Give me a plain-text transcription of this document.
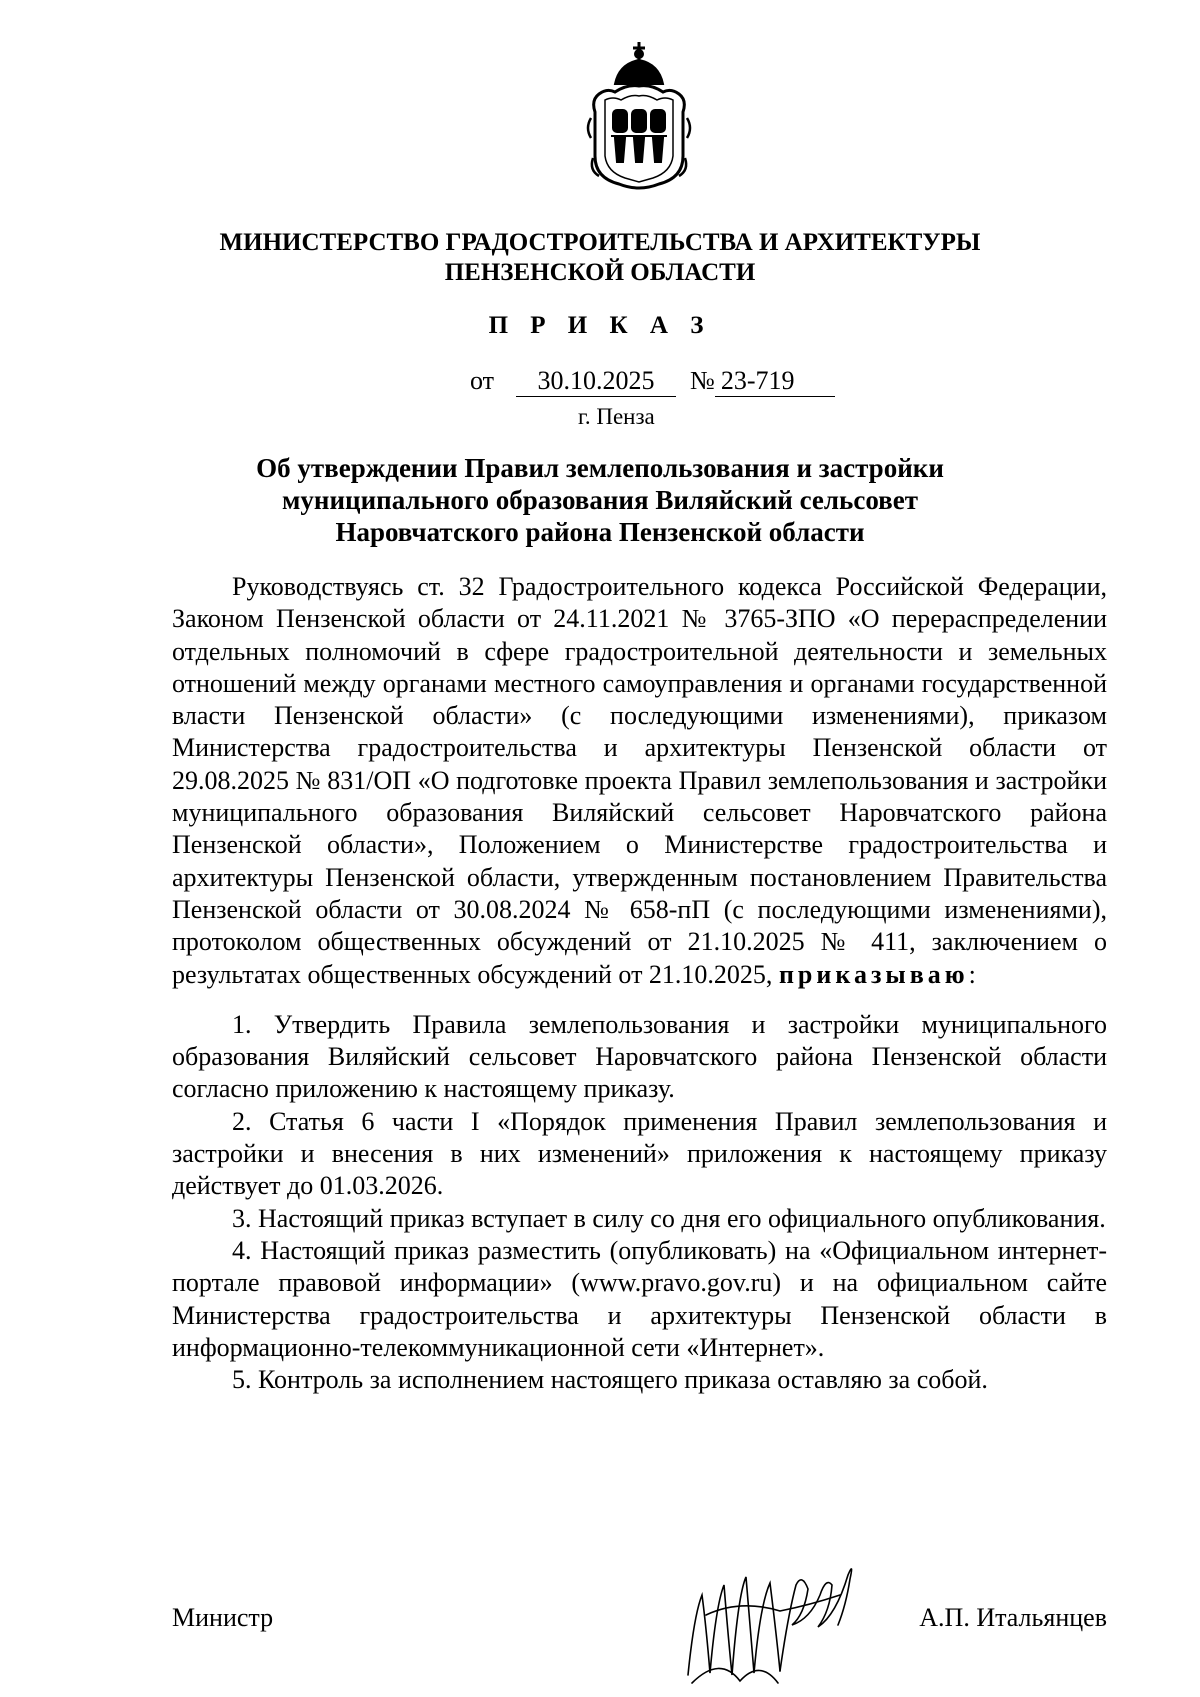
МИНИСТЕРСТВО ГРАДОСТРОИТЕЛЬСТВА И АРХИТЕКТУРЫ
ПЕНЗЕНСКОЙ ОБЛАСТИ
П Р И К А З
от 30.10.2025 № 23-719
г. Пенза
Об утверждении Правил землепользования и застройки
муниципального образования Виляйский сельсовет
Наровчатского района Пензенской области

Руководствуясь ст. 32 Градостроительного кодекса Российской Федерации, Законом Пензенской области от 24.11.2021 № 3765-ЗПО «О перераспределении отдельных полномочий в сфере градостроительной деятельности и земельных отношений между органами местного самоуправления и органами государственной власти Пензенской области» (с последующими изменениями), приказом Министерства градостроительства и архитектуры Пензенской области от 29.08.2025 № 831/ОП «О подготовке проекта Правил землепользования и застройки муниципального образования Виляйский сельсовет Наровчатского района Пензенской области», Положением о Министерстве градостроительства и архитектуры Пензенской области, утвержденным постановлением Правительства Пензенской области от 30.08.2024 № 658-пП (с последующими изменениями), протоколом общественных обсуждений от 21.10.2025 № 411, заключением о результатах общественных обсуждений от 21.10.2025, приказываю:

1. Утвердить Правила землепользования и застройки муниципального образования Виляйский сельсовет Наровчатского района Пензенской области согласно приложению к настоящему приказу.

2. Статья 6 части I «Порядок применения Правил землепользования и застройки и внесения в них изменений» приложения к настоящему приказу действует до 01.03.2026.

3. Настоящий приказ вступает в силу со дня его официального опубликования.

4. Настоящий приказ разместить (опубликовать) на «Официальном интернет-портале правовой информации» (www.pravo.gov.ru) и на официальном сайте Министерства градостроительства и архитектуры Пензенской области в информационно-телекоммуникационной сети «Интернет».

5. Контроль за исполнением настоящего приказа оставляю за собой.

Министр	А.П. Итальянцев
